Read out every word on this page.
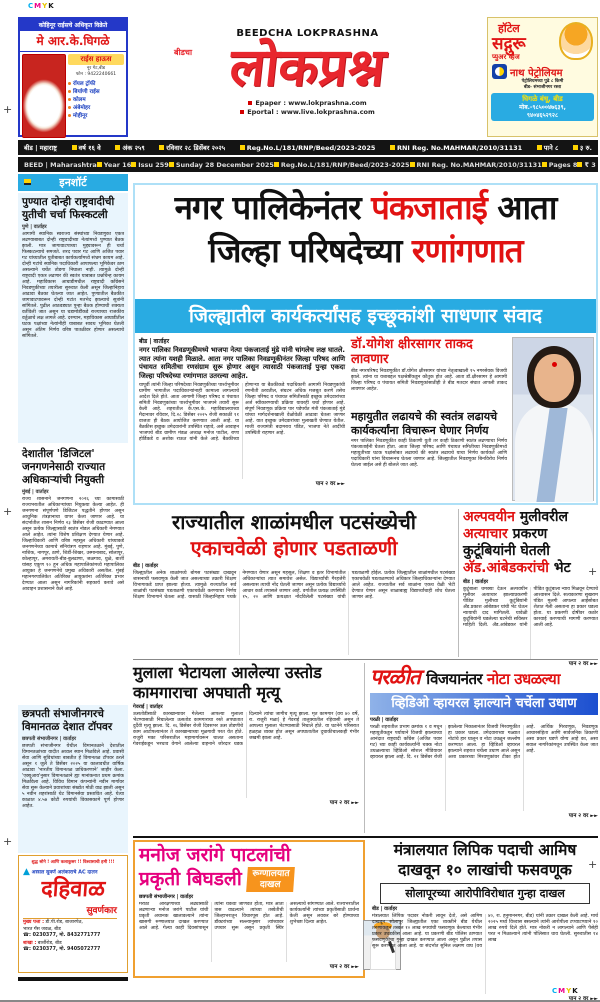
CMYK
CMYK
+
+
+
+
+
कोहिनूर राईसचे अधिकृत विक्रेते
मे आर.के.घिगळे
राईस हाऊस
नूर गेट,बीड
फोन : 9422240661
रॉयल ट्रॉफी
बिर्याणी राईस
कोलम
अंबेमोहर
मोहीनूर
BEEDCHA LOKPRASHNA
बीडचा लोकप्रश्न
Epaper : www.lokprashna.com
Eportal : www.live.lokprashna.com
हॉटेल
सद्गुरू
प्युअर व्हेज
नाथ पेट्रोलियम
पेट्रोलियमच्या पुढे ८ किमी
बीड- संभाजीनगर रस्ता
घिगळे बंधू, बीड
मोब.-९८५००४७६३९,
९४०४६५२९२८
बीड | महाराष्ट्र	वर्ष १६ वे	अंक २५९	रविवार २८ डिसेंबर २०२५	Reg.No.L/181/RNP/Beed/2023-2025	RNI Reg. No.MAHMAR/2010/31131	पाने ८	३ रु.
BEED | Maharashtra Year 16 Issu 259 Sunday 28 December 2025 Reg.No.L/181/RNP/Beed/2023-2025 RNI Reg. No.MAHMAR/2010/31131 Pages 8 ₹ 3
इनशॉर्ट
पुण्यात दोन्ही राष्ट्रवादीची युतीची चर्चा फिस्कटली
पुणे | वार्ताहर
आगामी स्थानिक स्वराज्य संस्थांच्या निवडणुका एकत्र लढण्याबाबत दोन्ही राष्ट्रवादीच्या नेत्यांमध्ये पुण्यात बैठक झाली. मात्र जागावाटपाच्या मुद्द्यावरून ही चर्चा फिस्कटल्याचे समजते. शरद पवार गट आणि अजित पवार गट यांच्यातील युतीबाबत कार्यकर्त्यांमध्ये संभ्रम कायम आहे. दोन्ही गटांचे स्थानिक पदाधिकारी आपापल्या भूमिकेवर ठाम असल्याने चर्चेत तोडगा निघाला नाही. त्यामुळे दोन्ही राष्ट्रवादी एकत्र लढणार की स्वतंत्र याबाबत प्रश्नचिन्ह कायम आहे. महाविकास आघाडीमधील राष्ट्रवादी काँग्रेसने निवडणुकीच्या तयारीला सुरुवात केली असून जिल्हानिहाय आढावा बैठका घेतल्या जात आहेत. पुण्यातील बैठकीत जागावाटपावरून दोन्ही गटांत मतभेद झाल्याचे सूत्रांनी सांगितले. पुढील आठवड्यात पुन्हा बैठक होण्याची शक्यता वर्तविली जात असून या घडामोडींकडे राज्याच्या राजकीय वर्तुळाचे लक्ष लागले आहे. दरम्यान, महाविकास आघाडीतील घटक पक्षांच्या नेत्यांनीही याबाबत सावध भूमिका घेतली असून अंतिम निर्णय वरिष्ठ पातळीवर होणार असल्याचे सांगितले.
देशातील 'डिजिटल' जनगणनेसाठी राज्यात अधिकाऱ्यांची नियुक्ती
मुंबई | वार्ताहर
राज्य शासनाने जनगणना २०२६ च्या कामासाठी राज्यभरातील अधिकाऱ्यांच्या नियुक्त्या केल्या आहेत. ही जनगणना संपूर्णपणे डिजिटल पद्धतीने होणार असून आधुनिक तंत्रज्ञानाचा वापर केला जाणार आहे. या संदर्भातील शासन निर्णय २३ डिसेंबर रोजी काढण्यात आला असून प्रत्येक जिल्ह्यासाठी स्वतंत्र नोडल अधिकारी नेमण्यात आले आहेत. त्यांना विशेष प्रशिक्षण देण्यात येणार आहे. जिल्हाधिकारी आणि वरिष्ठ महसूल अधिकारी यांच्याकडे जनगणनेच्या कामाचे संनियंत्रण राहणार आहे. मुंबई, पुणे, नाशिक, नागपूर, ठाणे, शिर्डी-शिखर, उस्मानाबाद, सोलापूर, कोल्हापूर, अमरावती-बीड-बुलढाणा, जळगाव, धुळे, बार्शी यांसह एकूण १० हून अधिक महापालिकांमध्ये महापालिका आयुक्त हे जनगणनेचे प्रमुख अधिकारी असतील. मुंबई महानगरपालिकेत अतिरिक्त आयुक्तांना अतिरिक्त प्रभार देण्यात आला असून नागरिकांनी सहकार्य करावे असे आवाहन प्रशासनाने केले आहे.
छत्रपती संभाजीनगरचे विमानतळ देशात टॉपवर
छत्रपती संभाजीनगर | वार्ताहर
छत्रपती संभाजीनगर येथील विमानतळाने देशातील विमानतळांच्या यादीत अव्वल स्थान मिळविले आहे. प्रवासी सेवा आणि सुविधांच्या बाबतीत हे विमानतळ टॉपवर ठरले असून १ जुलै ते डिसेंबर २०२५ या कालावधीत वार्षिक आढावा 'भारतीय विमानतळ प्राधिकरणाने' जाहीर केला. 'एक्यूआय'नुसार विमानतळाने ह्या मानांकनात प्रथम क्रमांक मिळविला आहे. विविध विमान कंपन्यांनी नवीन मार्गांवर सेवा सुरू केल्याने प्रवाशांच्या संख्येत मोठी वाढ झाली असून ५ नवीन शहरांसाठी थेट विमानसेवा प्रस्तावित आहे. येत्या काळात ४.५७ कोटी रुपयांची विकासकामे पूर्ण होणार आहेत.
शुद्ध सोने ! आणि कलाकुसर !! विश्वासाची हमी !!!
▲ अस्सल सुवर्ण अलंकाराचे AC दालन
दहिवाळ
सुवर्णकार
मुख्य पत्ता : डी.पी.रोड, बाजारपेठ,
भारत गॅस जवळ, बीड
☎: 0230377, मो. 8432771777
शाखा : बार्शीरोड, बीड
☎: 0230377, मो. 9405072777
नगर पालिकेनंतर पंकजाताई आता
जिल्हा परिषदेच्या रणांगणात
जिल्ह्यातील कार्यकर्त्यांसह इच्छूकांशी साधणार संवाद
बीड | वार्ताहर
नगर पालिका निवडणूकीमध्ये भाजपा नेत्या पंकजाताई मुंडे यांनी चांगलेच लक्ष घातले. त्यात त्यांना यशही मिळाले. आता नगर पालिका निवडणूकीनंतर जिल्हा परिषद आणि पंचायत समितीचा रणसंग्राम सुरू होणार असुन त्यासाठी पंकजाताई पुन्हा एकदा जिल्हा परिषदेच्या रणांगणात उतरल्या आहेत.
यापूर्वी त्यांनी जिल्हा परिषदेच्या निवडणुकीच्या पार्श्वभूमीवर ग्रामीण भागातील पदाधिकाऱ्यांनाही कामाला लागल्याचे आदेश दिले होते. आता आगामी जिल्हा परिषद व पंचायत समिती निवडणुकांच्या पार्श्वभूमीवर भाजपने तयारी सुरू केली आहे. शहरातील के.एस.के. महाविद्यालयाच्या मैदानावर रविवार, दि.२८ डिसेंबर २०२५ रोजी सकाळी ११ वाजता ही बैठक आयोजित करण्यात आली आहे. या बैठकीस इच्छुक उमेदवारांनी उपस्थित राहावे, असे आवाहन भाजपचे बीड ग्रामीण मंडळ अध्यक्ष मनोज पाटील, राणा होर्डिकडे व अशोक राऊत यांनी केले आहे. बैठकीच्या होणाऱ्या या बैठकीकडे पदाधिकारी आगामी निवडणुकांची रणनीती ठरवतील, संघटन अधिक मजबूत करणे तसेच जिल्हा परिषद व पंचायत समितीसाठी इच्छुक उमेदवारांच्या अर्ज स्वीकारण्याची प्रक्रिया यावरही चर्चा होणार आहे. संपूर्ण निवडणूक प्रक्रिया पार पडेपर्यंत मंत्री पंकजाताई मुंडे यांच्या मार्गदर्शनाखाली वेळोवेळी आढावा घेतला जाणार आहे. यात इच्छुक उमेदवारांच्या मुलाखती घेण्यात येतील. माजी राज्यमंत्री बदामराव पंडित, भाजपा नेते आदींची उपस्थिती राहणार आहे.
पान २ वर ►►
डॉ.योगेश क्षीरसागर ताकद लावणार
बीड नगरपरिषद निवडणुकीत डॉ.योगेश क्षीरसागर यांच्या नेतृत्वाखाली १५ नगरसेवक विजयी झाले. त्यांना या यशाबद्दल पक्षश्रेष्ठींकडून कौतुक होत आहे. आता डॉ.क्षीरसागर हे आगामी जिल्हा परिषद व पंचायत समिती निवडणुकांसाठीही ते बीड मतदार संघात आपली ताकद लावणार आहेत.
महायुतीत लढायचे की स्वतंत्र लढायचे कार्यकर्त्यांना विचारून घेणार निर्णय
नगर पालिका निवडणुकीत काही ठिकाणी युती तर काही ठिकाणी स्वतंत्र लढण्याचा निर्णय पंकजाताईंनी घेतला होता. आता जिल्हा परिषद आणि पंचायत समितीच्या निवडणुकीमध्ये महायुतीच्या घटक पक्षांसोबत लढायचे की स्वतंत्र लढायचे याचा निर्णय कार्यकर्ते आणि पदाधिकारी यांना विचारूनच घेतला जाणार आहे. जिल्ह्यातील निवडणुका बिनविरोध निर्णय घेतला जाईल असे ही बोलले जात आहे.
राज्यातील शाळांमधील पटसंख्येची
एकाचवेळी होणार पडताळणी
बीड | वार्ताहर
जिल्ह्यातील अनेक शाळांमध्ये बोगस पटसंख्या दाखवून शासनाची फसवणूक केली जात असल्याच्या तक्रारी शिक्षण विभागाकडे प्राप्त झाल्या होत्या. त्यामुळे राज्यातील सर्व शाळांची पटसंख्या पडताळणी एकाचवेळी करण्याचा निर्णय शिक्षण विभागाने घेतला आहे. यासाठी जिल्हानिहाय पथके नेमण्यात येणार असून महसूल, शिक्षण व इतर विभागांतील अधिकाऱ्यांचा त्यात समावेश असेल. विद्यार्थ्यांची गैरहजेरी असल्यास त्याची नोंद घेतली जाणार असून प्रत्येक विद्यार्थ्याचे आधार कार्ड तपासले जाणार आहे. वर्गातील प्रत्यक्ष उपस्थिती १५, २० आणि प्रत्यक्षात नोंदविलेली पटसंख्या यांची पडताळणी होईल. प्रत्येक जिल्ह्यातील शाळांमधील पटसंख्या एकाचवेळी पडताळण्याचे अधिकार जिल्हाधिकाऱ्यांना देण्यात आले आहेत. राज्यातील सर्व शाळांना एकच वेळी भेटी देण्यात येणार असून शाळाबाह्य विद्यार्थ्यांचाही शोध घेतला जाणार आहे.
अल्पवयीन मुलीवरील अत्याचार प्रकरण कुटूंबियांनी घेतली अ‍ॅड.आंबेडकरांची भेट
बीड | वार्ताहर
कुटुंबाला धमक्या देऊन अल्पवयीन मुलीवर अत्याचार झाल्याप्रकरणी पीडित मुलीच्या कुटूंबियांनी अ‍ॅड.प्रकाश आंबेडकर यांची भेट घेऊन न्यायाची दाद मागितली. यावेळी कुटूंबियांनी घडलेल्या घटनेची सविस्तर माहिती दिली. अ‍ॅड.आंबेडकर यांनी पीडित कुटुंबाला न्याय मिळवून देण्याचे आश्वासन दिले. सत्यकारणा सुखराम पंडित मुलगी आपल्या आईसोबत शेतात गेली असताना हा प्रकार घडला होता. या प्रकरणी दोषींवर कठोर कारवाई करण्याची मागणी करण्यात आली आहे.
पान २ वर ►►
मुलाला भेटायला आलेल्या उस्तोड कामगाराचा अपघाती मृत्यू
गेवराई | वार्ताहर
ऊसतोडीसाठी कारखान्यावर गेलेल्या आपल्या मुलाला भेटण्यासाठी निघालेल्या ऊसतोड कामगाराचा रस्ते अपघातात दुर्दैवी मृत्यू झाला. दि. २६ डिसेंबर रोजी दिवसभर ऊस तोडणीचे काम आटोपल्यानंतर ते कारखान्याच्या मूळगावी परत येत होते. राजुरी मका परिसरातील महामार्गावरून चालत असताना गेवराईकडून भरधाव वेगाने आलेल्या वाहनाने जोरदार धडक दिल्याने त्यांचा जागीच मृत्यू झाला. मृत कामगार (वय ४० वर्षे, रा. राजुरी मळा) हे गेवराई तालुक्यातील रहिवासी असून ते आपल्या मुलाला भेटण्यासाठी निघाले होते. या घटनेने परिसरात हळहळ व्यक्त होत असून अपघातातील दुचाकीचालकही गंभीर जखमी झाला आहे.
पान २ वर ►►
परळीत विजयानंतर नोटा उधळल्या
व्हिडिओ व्हायरल झाल्याने चर्चेला उधाण
परळी | वार्ताहर
परळी शहरातील प्रभाग क्रमांक १ व मधून महायुतीकडून पर्यायाने विजयी झाल्याच्या आनंदात राष्ट्रवादी काँग्रेस (अजित पवार गट) च्या काही कार्यकर्त्यांनी चक्क नोटा उधळल्याचा व्हिडिओ सोशल मीडियावर व्हायरल झाला आहे. दि. २१ डिसेंबर रोजी झालेल्या निकालानंतर विजयी मिरवणुकीत हा प्रकार घडला. उमेदवाराच्या गळ्यात नोटांचे हार घालून व नोटा उधळून जल्लोष करण्यात आला. हा व्हिडिओ व्हायरल झाल्याने शहरात चर्चेला उधाण आले असून अशा प्रकारच्या मिरवणुकांवर टीका होत आहे. आर्थिक मिरवणूक, निवडणूक आचारसंहिता आणि सार्वजनिक ठिकाणी असा प्रकार घडणे योग्य आहे का, असा सवाल नागरिकांमधून उपस्थित केला जात आहे.
पान २ वर ►►
मनोज जरांगे पाटलांची
प्रकृती बिघडली रूग्णालयात
दाखल
छत्रपती संभाजीनगर | वार्ताहर
मराठा आरक्षणाच्या लढ्यासाठी लढणाऱ्या मनोज जरांगे पाटील यांची प्रकृती अचानक खालावल्याने त्यांना खासगी रुग्णालयात दाखल करण्यात आले आहे. गेल्या काही दिवसांपासून त्यांना थकवा जाणवत होता, मात्र आता त्रास वाढल्याने त्यांच्या तब्येतीची जिल्हाभरातून विचारपूस होत आहे. डॉक्टरांच्या सल्ल्यानुसार त्यांच्यावर उपचार सुरू असून प्रकृती स्थिर असल्याचे सांगण्यात आले. राज्यभरातील कार्यकर्त्यांनी त्यांच्या प्रकृतीसाठी प्रार्थना केली असून लवकर बरे होण्याच्या शुभेच्छा दिल्या आहेत.
पान २ वर ►►
मंत्रालयात लिपिक पदाची आमिष
दाखवून १० लाखांची फसवणूक
सोलापूरच्या आरोपीविरोधात गुन्हा दाखल
बीड | वार्ताहर
मंत्रालयात लिपिक पदावर नोकरी लावून देतो, असे आमिष दाखवून सोलापूर जिल्ह्यातील एका व्यक्तीने बीड येथील तरुणाकडून तब्बल १० लाख रुपयांची फसवणूक केल्याचा गंभीर प्रकार उघडकीस आला आहे. या प्रकरणी बीड पोलिस ठाण्यात फसवणुकीचा गुन्हा दाखल करण्यात आला असून पुढील तपास सुरू करण्यात आला आहे. या संदर्भात सुनिल लक्ष्मण वाघ (वय ४०, रा. हनुमाननगर, बीड) यांनी तक्रार दाखल केली आहे. मार्च २०२५ मध्ये विश्वास बसल्याने त्यांनी आरोपीला टप्प्याटप्प्याने १० लाख रुपये दिले होते. मात्र नोकरी न लागल्याने आणि पैसेही परत न मिळाल्याने त्यांनी पोलिसात धाव घेतली. सुरुवातीस १४ लाख
पान २ वर ►►
